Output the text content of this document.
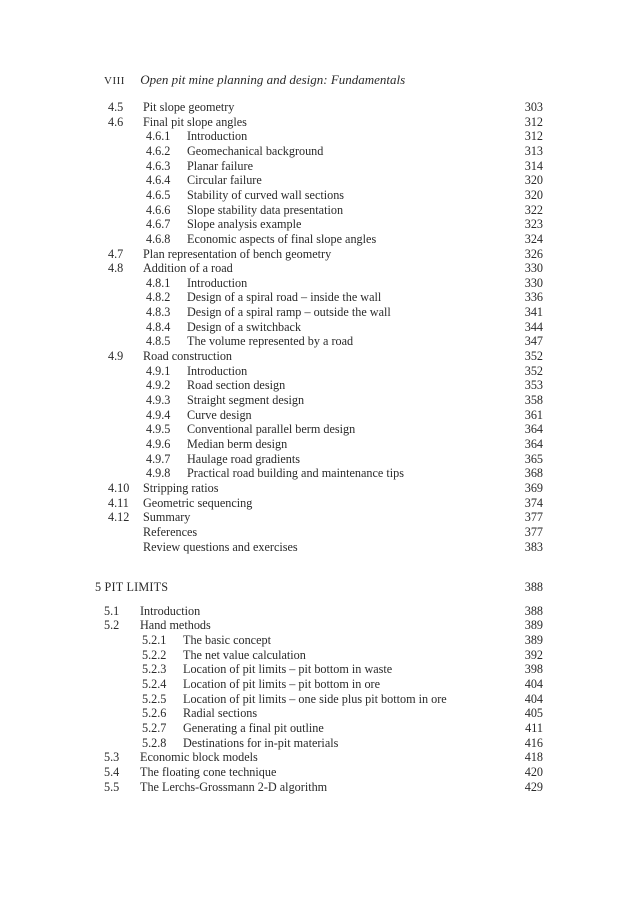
VIII Open pit mine planning and design: Fundamentals
4.5 Pit slope geometry	303
4.6 Final pit slope angles	312
4.6.1 Introduction	312
4.6.2 Geomechanical background	313
4.6.3 Planar failure	314
4.6.4 Circular failure	320
4.6.5 Stability of curved wall sections	320
4.6.6 Slope stability data presentation	322
4.6.7 Slope analysis example	323
4.6.8 Economic aspects of final slope angles	324
4.7 Plan representation of bench geometry	326
4.8 Addition of a road	330
4.8.1 Introduction	330
4.8.2 Design of a spiral road – inside the wall	336
4.8.3 Design of a spiral ramp – outside the wall	341
4.8.4 Design of a switchback	344
4.8.5 The volume represented by a road	347
4.9 Road construction	352
4.9.1 Introduction	352
4.9.2 Road section design	353
4.9.3 Straight segment design	358
4.9.4 Curve design	361
4.9.5 Conventional parallel berm design	364
4.9.6 Median berm design	364
4.9.7 Haulage road gradients	365
4.9.8 Practical road building and maintenance tips	368
4.10 Stripping ratios	369
4.11 Geometric sequencing	374
4.12 Summary	377
References	377
Review questions and exercises	383
5 PIT LIMITS	388
5.1 Introduction	388
5.2 Hand methods	389
5.2.1 The basic concept	389
5.2.2 The net value calculation	392
5.2.3 Location of pit limits – pit bottom in waste	398
5.2.4 Location of pit limits – pit bottom in ore	404
5.2.5 Location of pit limits – one side plus pit bottom in ore	404
5.2.6 Radial sections	405
5.2.7 Generating a final pit outline	411
5.2.8 Destinations for in-pit materials	416
5.3 Economic block models	418
5.4 The floating cone technique	420
5.5 The Lerchs-Grossmann 2-D algorithm	429
